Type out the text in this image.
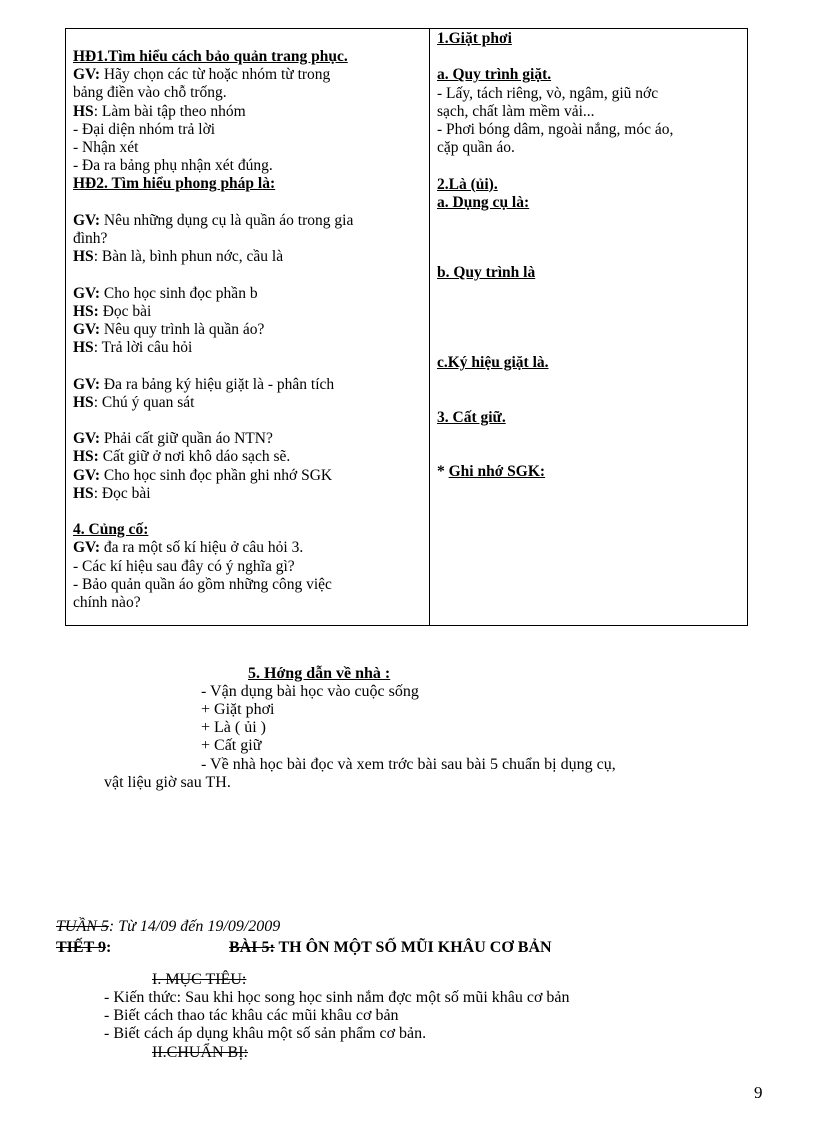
HĐ1.Tìm hiểu cách bảo quản trang phục.
GV: Hãy chọn các từ hoặc nhóm từ trong
bảng điền vào chỗ trống.
HS: Làm bài tập theo nhóm
- Đại diện nhóm trả lời
- Nhận xét
- Đa ra bảng phụ nhận xét đúng.
HĐ2. Tìm hiểu phong pháp là:
GV: Nêu những dụng cụ là quần áo trong gia
đình?
HS: Bàn là, bình phun nớc, cầu là
GV: Cho học sinh đọc phần b
HS: Đọc bài
GV: Nêu quy trình là quần áo?
HS: Trả lời câu hỏi
GV: Đa ra bảng ký hiệu giặt là - phân tích
HS: Chú ý quan sát
GV: Phải cất giữ quần áo NTN?
HS: Cất giữ ở nơi khô dáo sạch sẽ.
GV: Cho học sinh đọc phần ghi nhớ SGK
HS: Đọc bài
4. Củng cố:
GV: đa ra một số kí hiệu ở câu hỏi 3.
- Các kí hiệu sau đây có ý nghĩa gì?
- Bảo quản quần áo gồm những công việc
chính nào?
1.Giặt phơi
a. Quy trình giặt.
- Lấy, tách riêng, vò, ngâm, giũ nớc
sạch, chất làm mềm vải...
- Phơi bóng dâm, ngoài nắng, móc áo,
cặp quần áo.
2.Là (ủi).
a. Dụng cụ là:
b. Quy trình là
c.Ký hiệu giặt là.
3. Cất giữ.
* Ghi nhớ SGK:
5. Hớng dẫn về nhà :
- Vận dụng bài học vào cuộc sống
+ Giặt phơi
+ Là ( ủi )
+ Cất giữ
- Về nhà học bài đọc và xem trớc bài sau bài 5 chuẩn bị dụng cụ,
vật liệu giờ sau TH.
TUẦN 5: Từ 14/09 đến 19/09/2009
TIẾT 9:	BÀI 5: TH ÔN MỘT SỐ MŨI KHÂU CƠ BẢN
I. MỤC TIÊU:
- Kiến thức: Sau khi học song học sinh nắm đợc một số mũi khâu cơ bản
- Biết cách thao tác khâu các mũi khâu cơ bản
- Biết cách áp dụng khâu một số sản phẩm cơ bản.
II.CHUẨN BỊ:
9
